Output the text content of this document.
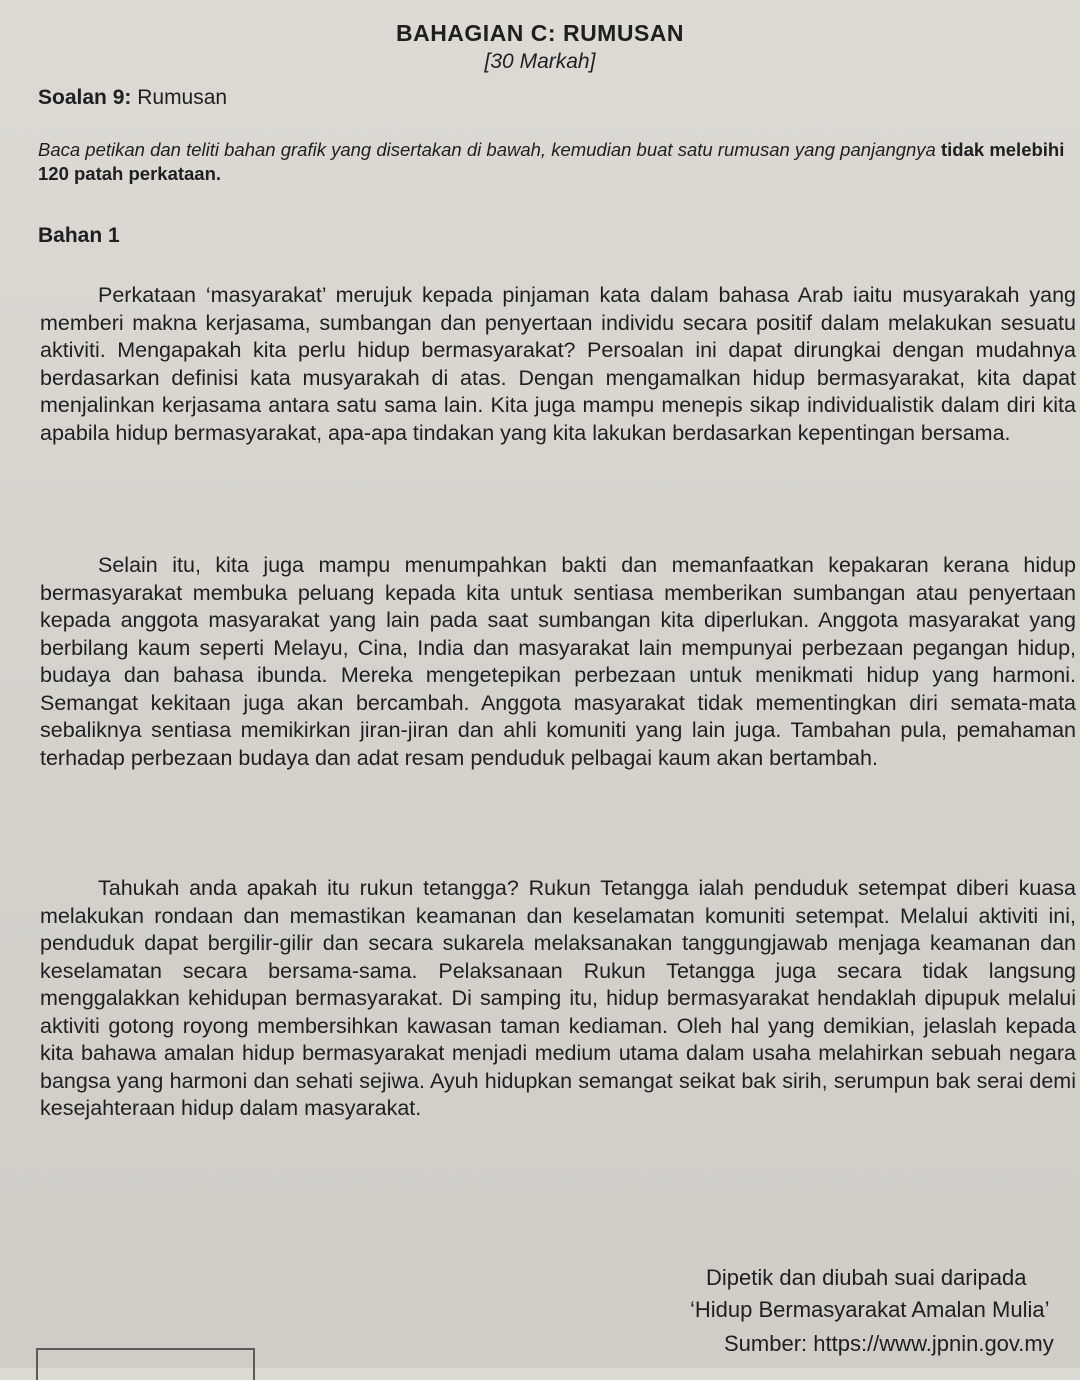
BAHAGIAN C: RUMUSAN
[30 Markah]
Soalan 9: Rumusan
Baca petikan dan teliti bahan grafik yang disertakan di bawah, kemudian buat satu rumusan yang panjangnya tidak melebihi 120 patah perkataan.
Bahan 1
Perkataan ‘masyarakat’ merujuk kepada pinjaman kata dalam bahasa Arab iaitu musyarakah yang memberi makna kerjasama, sumbangan dan penyertaan individu secara positif dalam melakukan sesuatu aktiviti. Mengapakah kita perlu hidup bermasyarakat? Persoalan ini dapat dirungkai dengan mudahnya berdasarkan definisi kata musyarakah di atas. Dengan mengamalkan hidup bermasyarakat, kita dapat menjalinkan kerjasama antara satu sama lain. Kita juga mampu menepis sikap individualistik dalam diri kita apabila hidup bermasyarakat, apa-apa tindakan yang kita lakukan berdasarkan kepentingan bersama.
Selain itu, kita juga mampu menumpahkan bakti dan memanfaatkan kepakaran kerana hidup bermasyarakat membuka peluang kepada kita untuk sentiasa memberikan sumbangan atau penyertaan kepada anggota masyarakat yang lain pada saat sumbangan kita diperlukan. Anggota masyarakat yang berbilang kaum seperti Melayu, Cina, India dan masyarakat lain mempunyai perbezaan pegangan hidup, budaya dan bahasa ibunda. Mereka mengetepikan perbezaan untuk menikmati hidup yang harmoni. Semangat kekitaan juga akan bercambah. Anggota masyarakat tidak mementingkan diri semata-mata sebaliknya sentiasa memikirkan jiran-jiran dan ahli komuniti yang lain juga. Tambahan pula, pemahaman terhadap perbezaan budaya dan adat resam penduduk pelbagai kaum akan bertambah.
Tahukah anda apakah itu rukun tetangga? Rukun Tetangga ialah penduduk setempat diberi kuasa melakukan rondaan dan memastikan keamanan dan keselamatan komuniti setempat. Melalui aktiviti ini, penduduk dapat bergilir-gilir dan secara sukarela melaksanakan tanggungjawab menjaga keamanan dan keselamatan secara bersama-sama. Pelaksanaan Rukun Tetangga juga secara tidak langsung menggalakkan kehidupan bermasyarakat. Di samping itu, hidup bermasyarakat hendaklah dipupuk melalui aktiviti gotong royong membersihkan kawasan taman kediaman. Oleh hal yang demikian, jelaslah kepada kita bahawa amalan hidup bermasyarakat menjadi medium utama dalam usaha melahirkan sebuah negara bangsa yang harmoni dan sehati sejiwa. Ayuh hidupkan semangat seikat bak sirih, serumpun bak serai demi kesejahteraan hidup dalam masyarakat.
Dipetik dan diubah suai daripada
‘Hidup Bermasyarakat Amalan Mulia’
Sumber: https://www.jpnin.gov.my
